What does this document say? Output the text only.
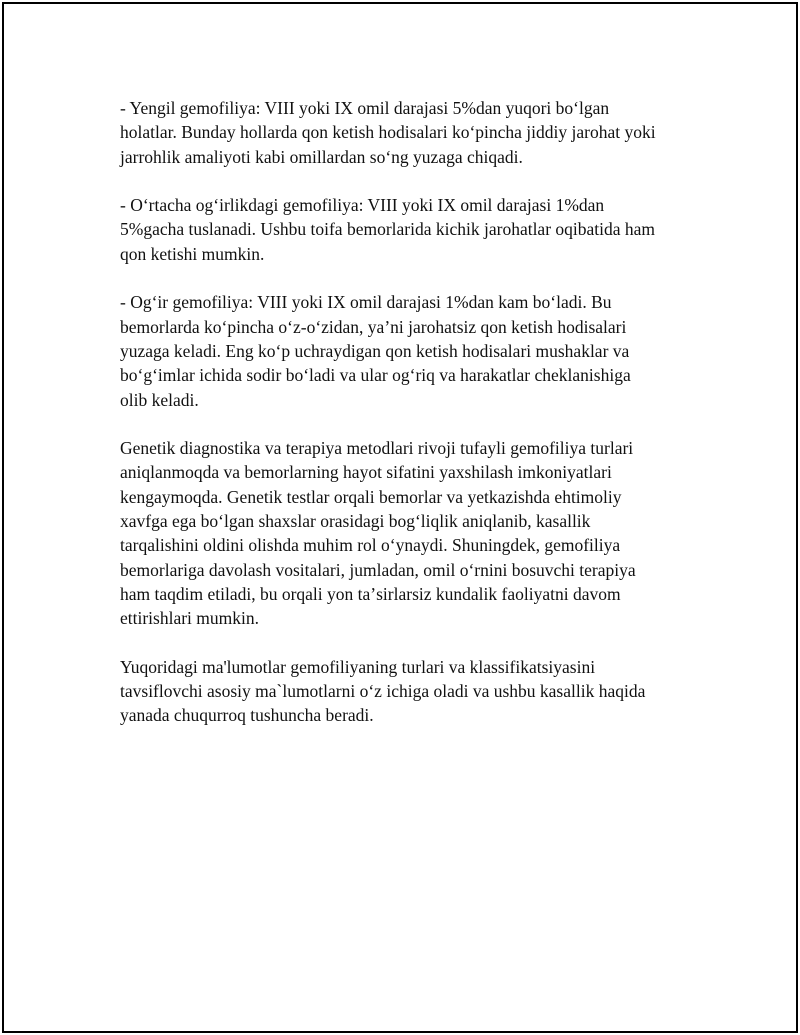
- Yengil gemofiliya: VIII yoki IX omil darajasi 5%dan yuqori boʻlgan
holatlar. Bunday hollarda qon ketish hodisalari koʻpincha jiddiy jarohat yoki
jarrohlik amaliyoti kabi omillardan soʻng yuzaga chiqadi.

- Oʻrtacha ogʻirlikdagi gemofiliya: VIII yoki IX omil darajasi 1%dan
5%gacha tuslanadi. Ushbu toifa bemorlarida kichik jarohatlar oqibatida ham
qon ketishi mumkin.

- Ogʻir gemofiliya: VIII yoki IX omil darajasi 1%dan kam boʻladi. Bu
bemorlarda koʻpincha oʻz-oʻzidan, yaʼni jarohatsiz qon ketish hodisalari
yuzaga keladi. Eng koʻp uchraydigan qon ketish hodisalari mushaklar va
boʻgʻimlar ichida sodir boʻladi va ular ogʻriq va harakatlar cheklanishiga
olib keladi.

Genetik diagnostika va terapiya metodlari rivoji tufayli gemofiliya turlari
aniqlanmoqda va bemorlarning hayot sifatini yaxshilash imkoniyatlari
kengaymoqda. Genetik testlar orqali bemorlar va yetkazishda ehtimoliy
xavfga ega boʻlgan shaxslar orasidagi bogʻliqlik aniqlanib, kasallik
tarqalishini oldini olishda muhim rol oʻynaydi. Shuningdek, gemofiliya
bemorlariga davolash vositalari, jumladan, omil oʻrnini bosuvchi terapiya
ham taqdim etiladi, bu orqali yon taʼsirlarsiz kundalik faoliyatni davom
ettirishlari mumkin.

Yuqoridagi ma'lumotlar gemofiliyaning turlari va klassifikatsiyasini
tavsiflovchi asosiy ma`lumotlarni oʻz ichiga oladi va ushbu kasallik haqida
yanada chuqurroq tushuncha beradi.
